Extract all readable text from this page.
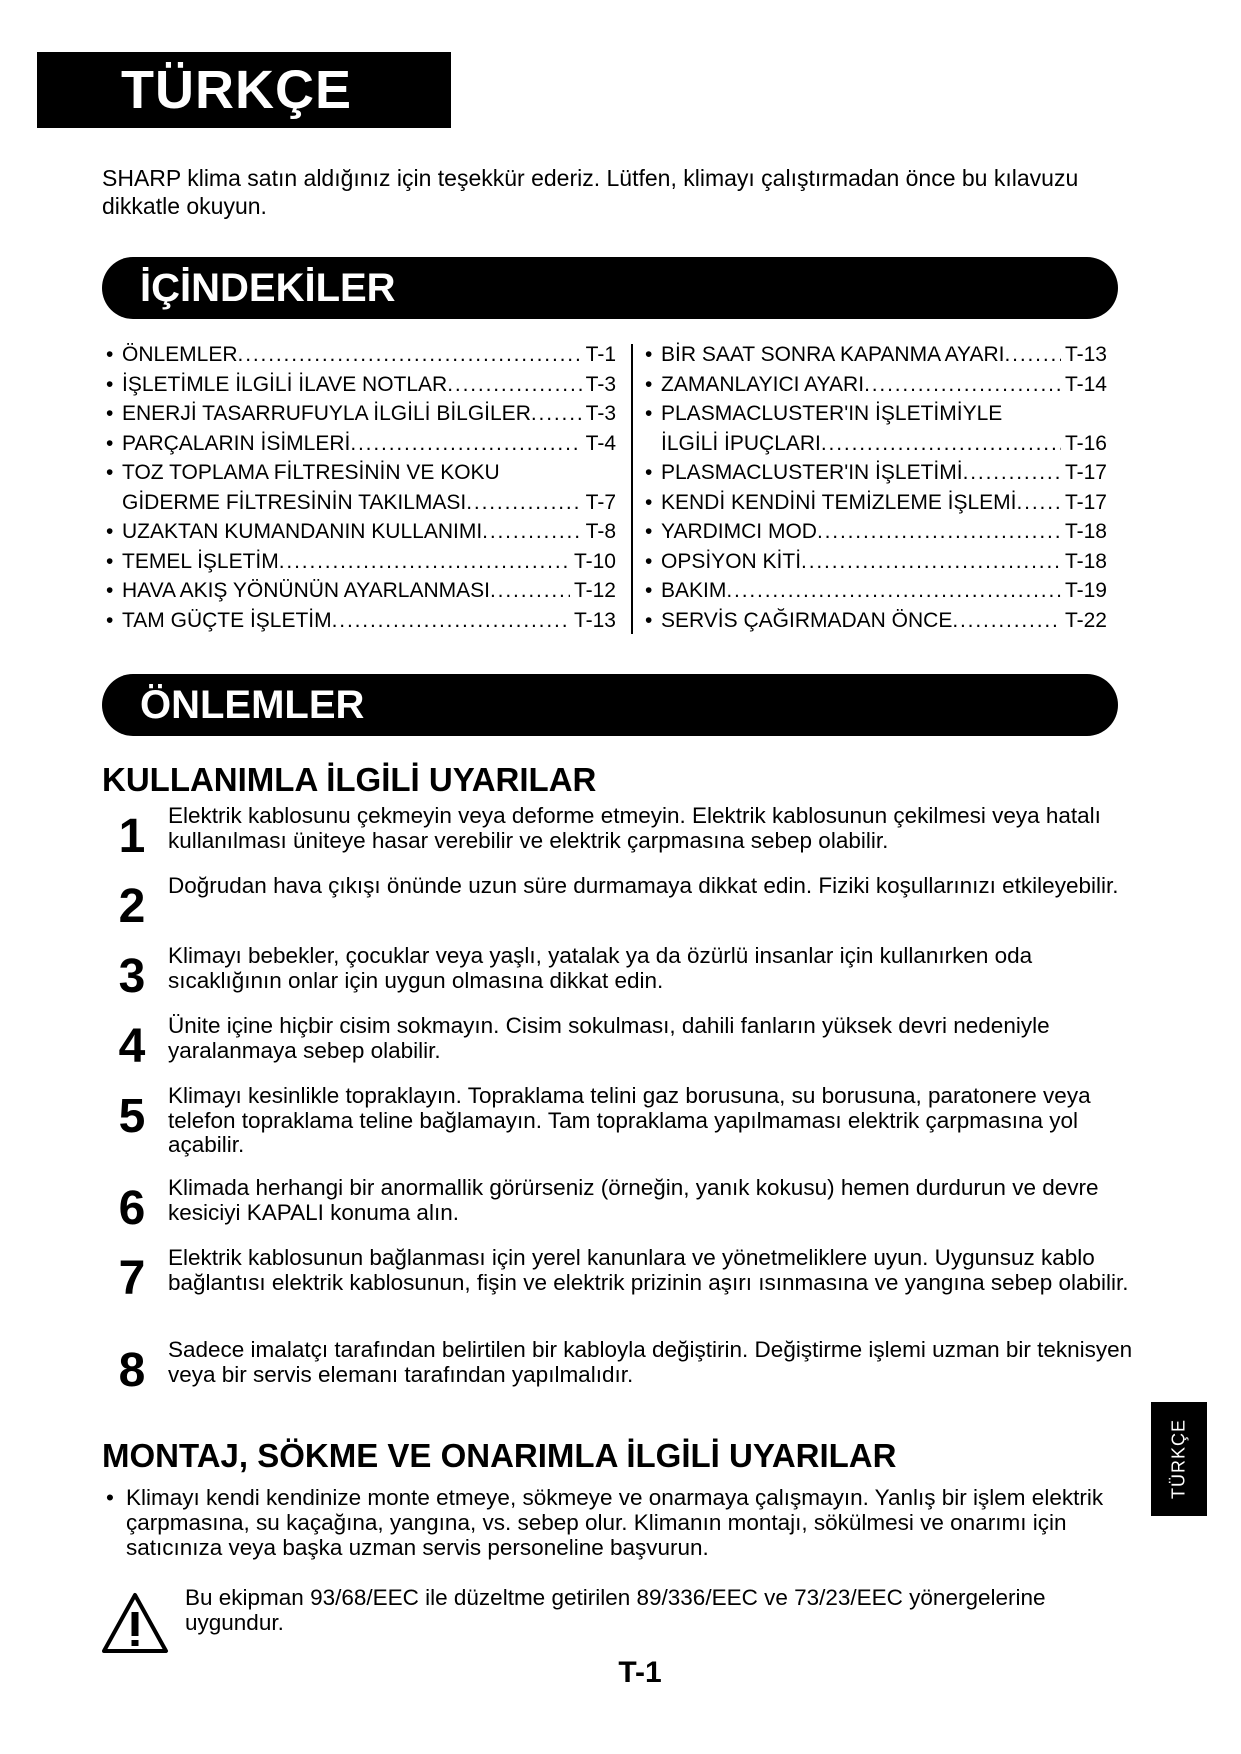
TÜRKÇE
SHARP klima satın aldığınız için teşekkür ederiz. Lütfen, klimayı çalıştırmadan önce bu kılavuzu dikkatle okuyun.
İÇİNDEKİLER
• ÖNLEMLER . . .	T-1
• İŞLETİMLE İLGİLİ İLAVE NOTLAR . . .	T-3
• ENERJİ TASARRUFUYLA İLGİLİ BİLGİLER . . .	T-3
• PARÇALARIN İSİMLERİ . . .	T-4
• TOZ TOPLAMA FİLTRESİNİN VE KOKU
GİDERME FİLTRESİNİN TAKILMASI . . .	T-7
• UZAKTAN KUMANDANIN KULLANIMI . . .	T-8
• TEMEL İŞLETİM . . .	T-10
• HAVA AKIŞ YÖNÜNÜN AYARLANMASI . . .	T-12
• TAM GÜÇTE İŞLETİM . . .	T-13
• BİR SAAT SONRA KAPANMA AYARI . . .	T-13
• ZAMANLAYICI AYARI . . .	T-14
• PLASMACLUSTER'IN İŞLETİMİYLE
İLGİLİ İPUÇLARI . . .	T-16
• PLASMACLUSTER'IN İŞLETİMİ . . .	T-17
• KENDİ KENDİNİ TEMİZLEME İŞLEMİ . . . T-17
• YARDIMCI MOD . . .	T-18
• OPSİYON KİTİ . . .	T-18
• BAKIM . . .	T-19
• SERVİS ÇAĞIRMADAN ÖNCE . . .	T-22
ÖNLEMLER
KULLANIMLA İLGİLİ UYARILAR
1 Elektrik kablosunu çekmeyin veya deforme etmeyin. Elektrik kablosunun çekilmesi veya hatalı kullanılması üniteye hasar verebilir ve elektrik çarpmasına sebep olabilir.
2 Doğrudan hava çıkışı önünde uzun süre durmamaya dikkat edin. Fiziki koşullarınızı etkileyebilir.
3 Klimayı bebekler, çocuklar veya yaşlı, yatalak ya da özürlü insanlar için kullanırken oda sıcaklığının onlar için uygun olmasına dikkat edin.
4 Ünite içine hiçbir cisim sokmayın. Cisim sokulması, dahili fanların yüksek devri nedeniyle yaralanmaya sebep olabilir.
5 Klimayı kesinlikle topraklayın. Topraklama telini gaz borusuna, su borusuna, paratonere veya telefon topraklama teline bağlamayın. Tam topraklama yapılmaması elektrik çarpmasına yol açabilir.
6 Klimada herhangi bir anormallik görürseniz (örneğin, yanık kokusu) hemen durdurun ve devre kesiciyi KAPALI konuma alın.
7 Elektrik kablosunun bağlanması için yerel kanunlara ve yönetmeliklere uyun. Uygunsuz kablo bağlantısı elektrik kablosunun, fişin ve elektrik prizinin aşırı ısınmasına ve yangına sebep olabilir.
8 Sadece imalatçı tarafından belirtilen bir kabloyla değiştirin. Değiştirme işlemi uzman bir teknisyen veya bir servis elemanı tarafından yapılmalıdır.
MONTAJ, SÖKME VE ONARIMLA İLGİLİ UYARILAR
• Klimayı kendi kendinize monte etmeye, sökmeye ve onarmaya çalışmayın. Yanlış bir işlem elektrik çarpmasına, su kaçağına, yangına, vs. sebep olur. Klimanın montajı, sökülmesi ve onarımı için satıcınıza veya başka uzman servis personeline başvurun.
Bu ekipman 93/68/EEC ile düzeltme getirilen 89/336/EEC ve 73/23/EEC yönergelerine uygundur.
T-1
TÜRKÇE
